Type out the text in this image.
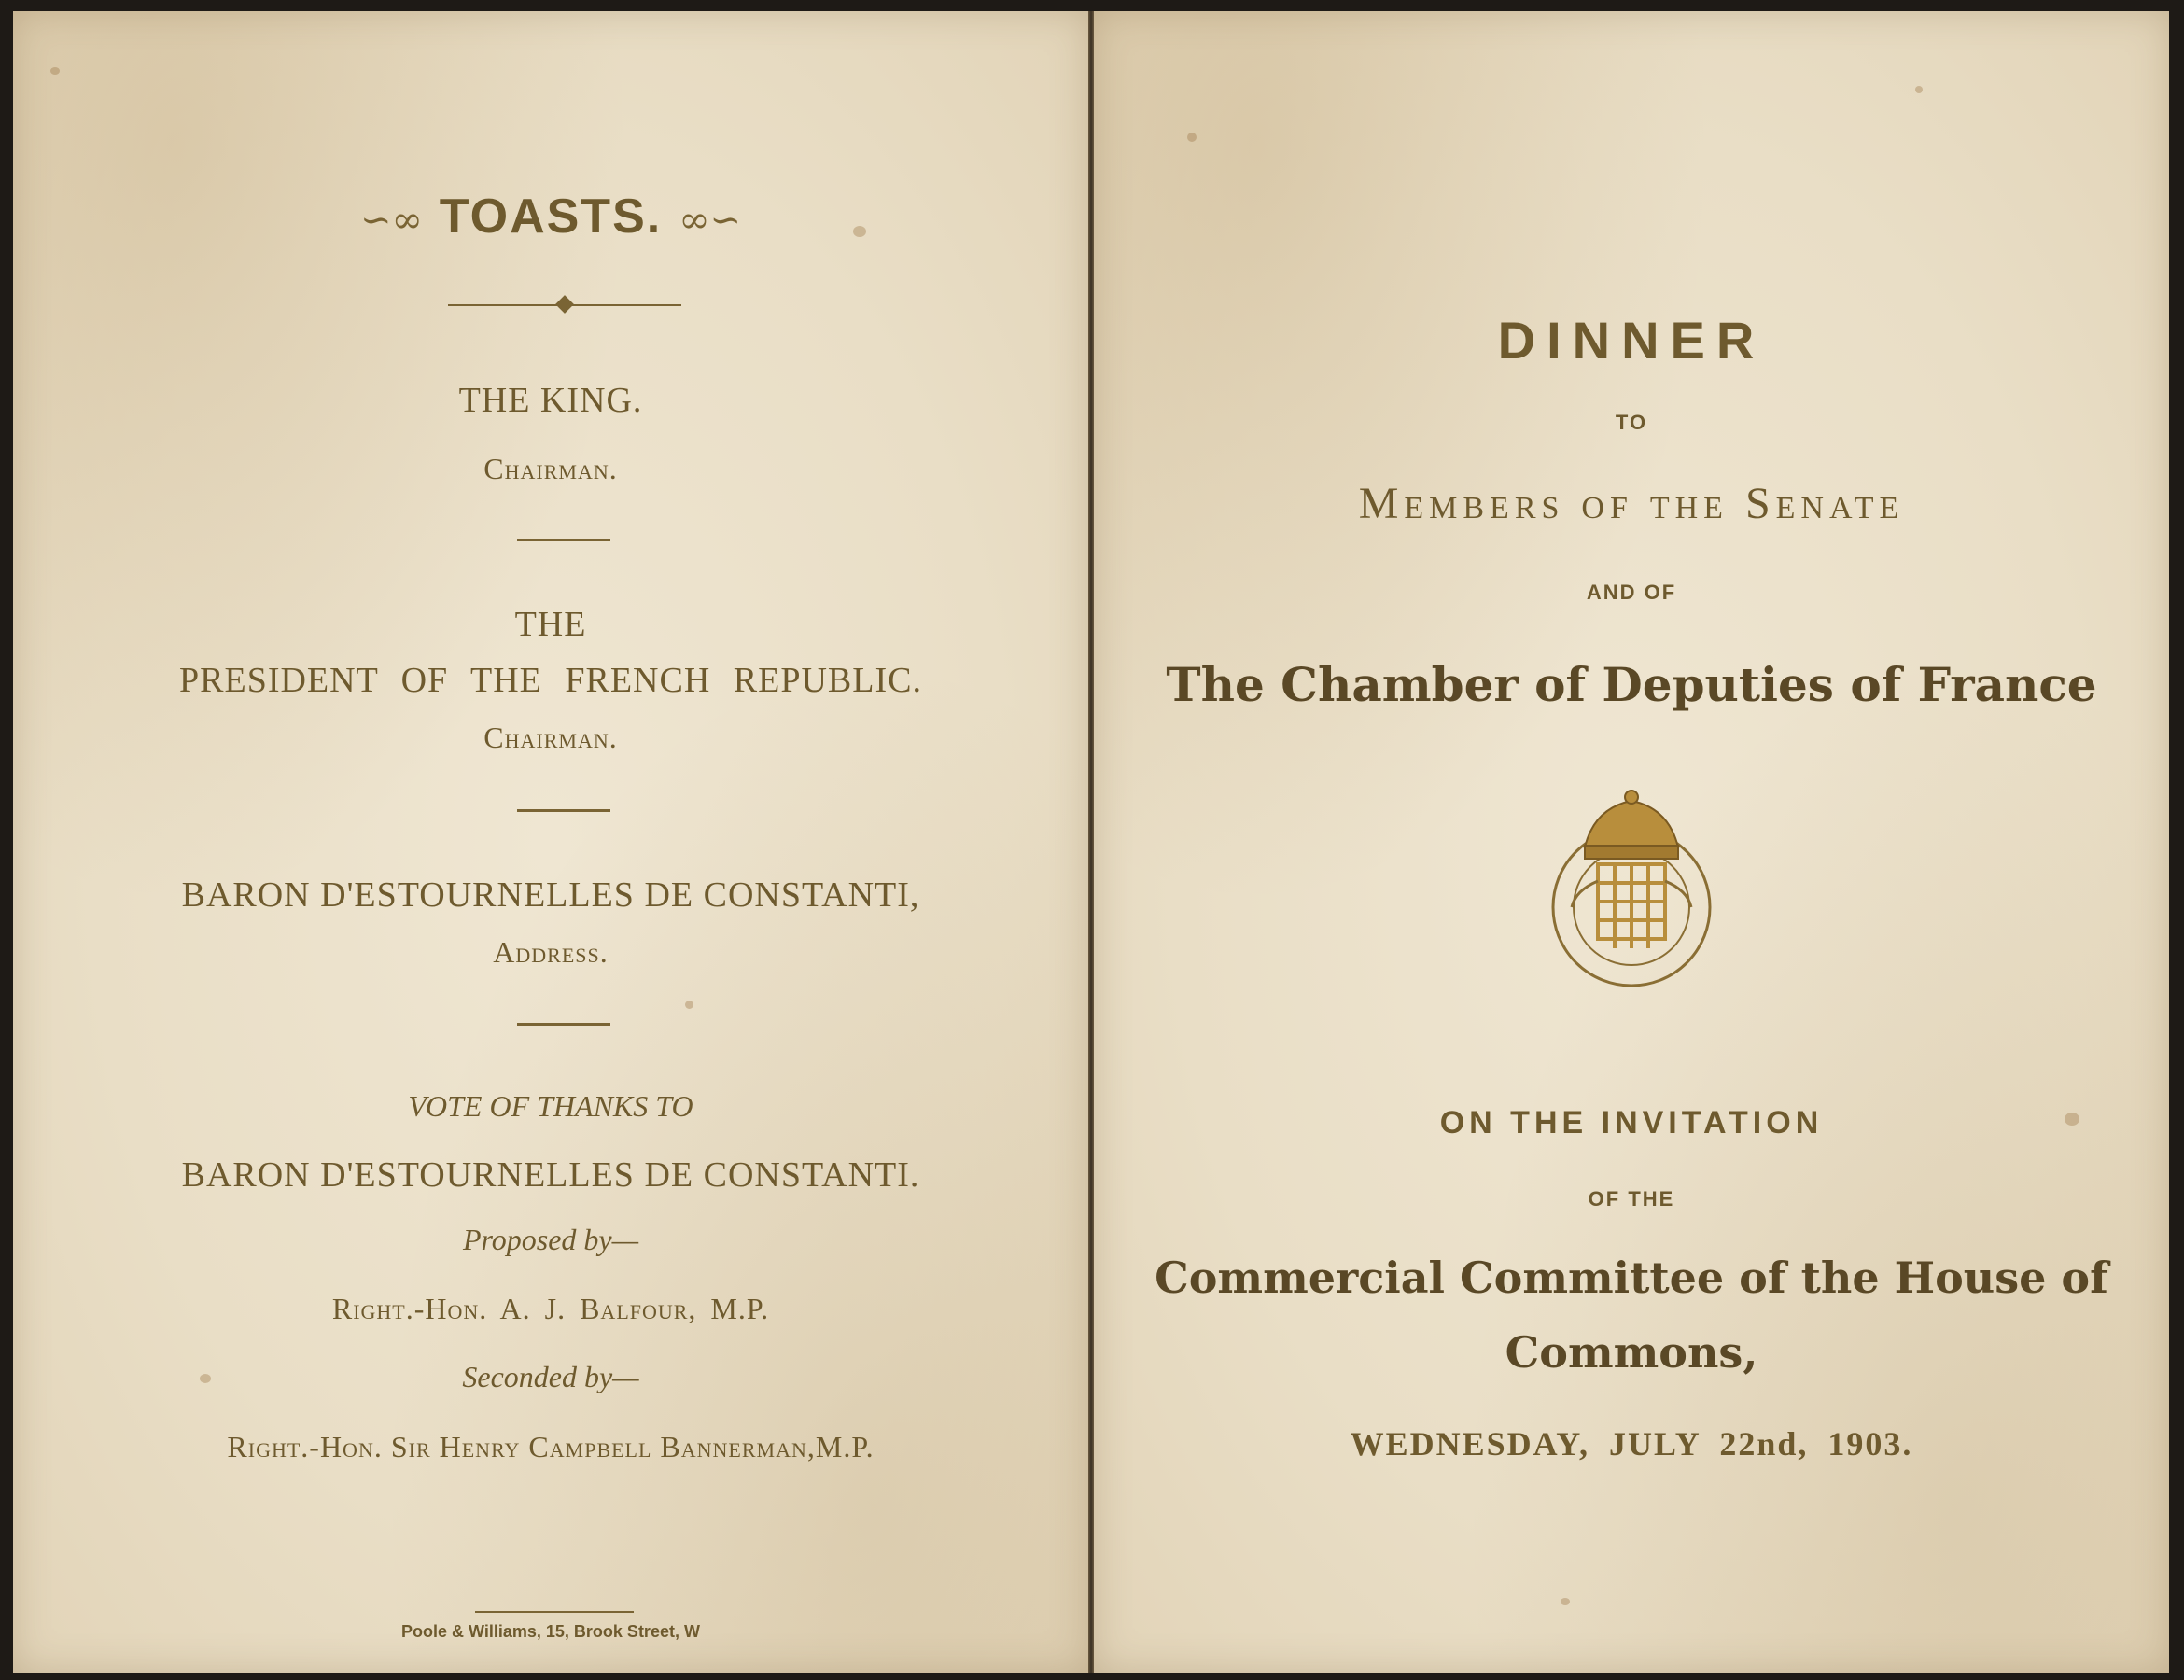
∽∞ TOASTS. ∞∽
THE KING.
Chairman.
THE
PRESIDENT OF THE FRENCH REPUBLIC.
Chairman.
BARON D'ESTOURNELLES DE CONSTANTI,
Address.
VOTE OF THANKS TO
BARON D'ESTOURNELLES DE CONSTANTI.
Proposed by—
Right.-Hon. A. J. Balfour, M.P.
Seconded by—
Right.-Hon. Sir Henry Campbell Bannerman,M.P.
Poole & Williams, 15, Brook Street, W
DINNER
TO
Members of the Senate
AND OF
The Chamber of Deputies of France
ON THE INVITATION
OF THE
Commercial Committee of the House of
Commons,
WEDNESDAY, JULY 22nd, 1903.
